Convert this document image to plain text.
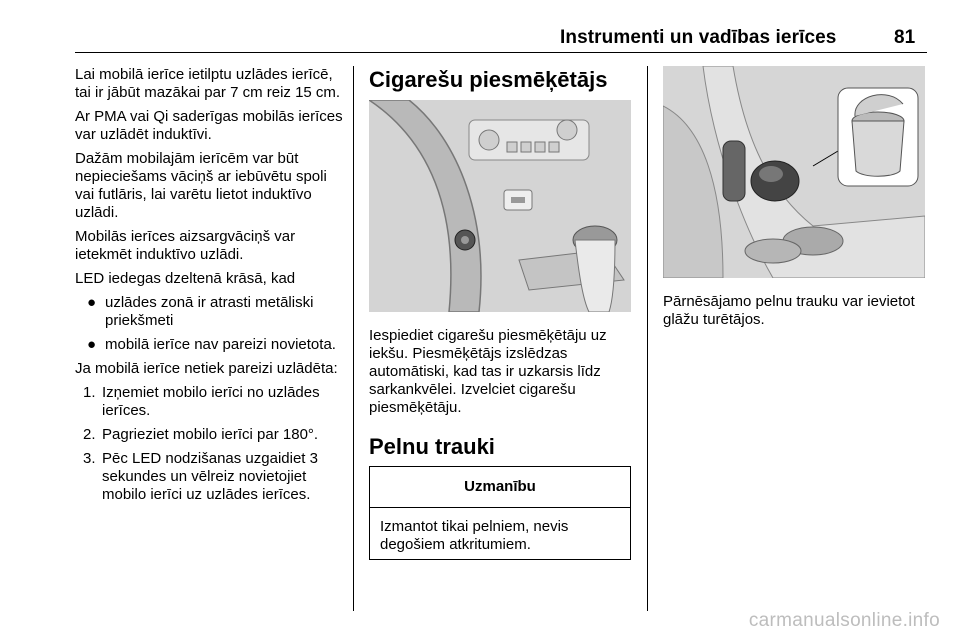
Instrumenti un vadības ierīces	81

Lai mobilā ierīce ietilptu uzlādes ierīcē, tai ir jābūt mazākai par 7 cm reiz 15 cm.

Ar PMA vai Qi saderīgas mobilās ierīces var uzlādēt induktīvi.

Dažām mobilajām ierīcēm var būt nepieciešams vāciņš ar iebūvētu spoli vai futlāris, lai varētu lietot induktīvo uzlādi.

Mobilās ierīces aizsargvāciņš var ietekmēt induktīvo uzlādi.

LED iedegas dzeltenā krāsā, kad

● uzlādes zonā ir atrasti metāliski priekšmeti
● mobilā ierīce nav pareizi novietota.

Ja mobilā ierīce netiek pareizi uzlādēta:

1. Izņemiet mobilo ierīci no uzlādes ierīces.
2. Pagrieziet mobilo ierīci par 180°.
3. Pēc LED nodzišanas uzgaidiet 3 sekundes un vēlreiz novietojiet mobilo ierīci uz uzlādes ierīces.
Cigarešu piesmēķētājs

Iespiediet cigarešu piesmēķētāju uz iekšu. Piesmēķētājs izslēdzas automātiski, kad tas ir uzkarsis līdz sarkankvēlei. Izvelciet cigarešu piesmēķētāju.

Pelnu trauki
Uzmanību
Izmantot tikai pelniem, nevis degošiem atkritumiem.

Pārnēsājamo pelnu trauku var ievietot glāžu turētājos.

carmanualsonline.info
